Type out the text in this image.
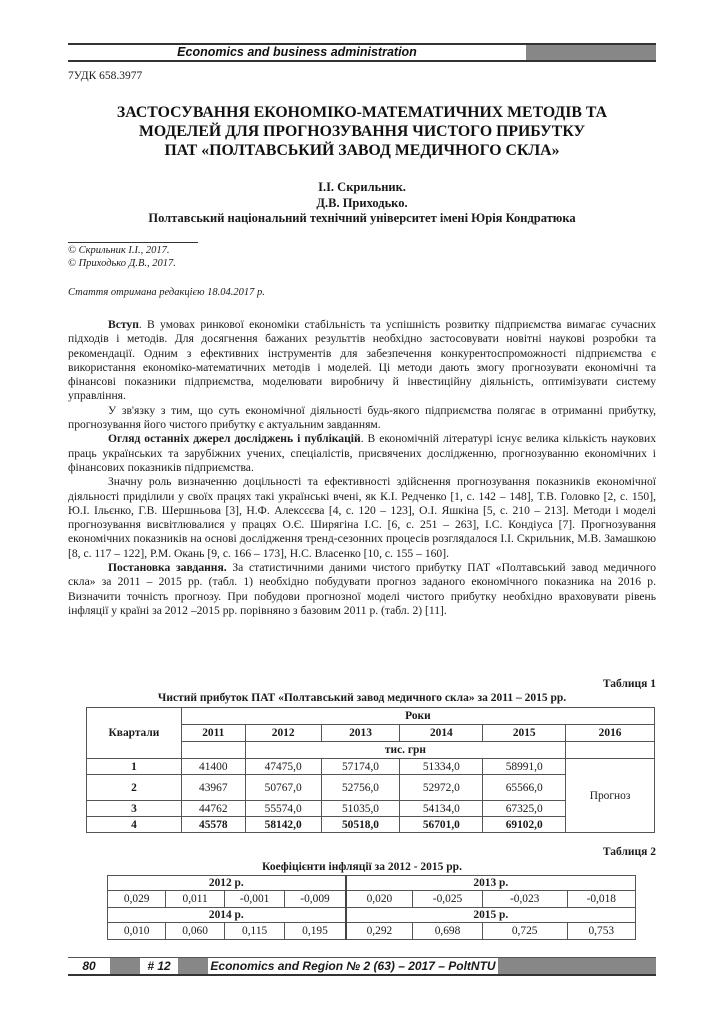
Economics and business administration
7УДК 658.3977
ЗАСТОСУВАННЯ ЕКОНОМІКО-МАТЕМАТИЧНИХ МЕТОДІВ ТА
МОДЕЛЕЙ ДЛЯ ПРОГНОЗУВАННЯ ЧИСТОГО ПРИБУТКУ
ПАТ «ПОЛТАВСЬКИЙ ЗАВОД МЕДИЧНОГО СКЛА»
І.І. Скрильник.
Д.В. Приходько.
Полтавський національний технічний університет імені Юрія Кондратюка
© Скрильник І.І., 2017.
© Приходько Д.В., 2017.
Стаття отримана редакцією 18.04.2017 р.

Вступ. В умовах ринкової економіки стабільність та успішність розвитку підприємства вимагає сучасних підходів і методів. Для досягнення бажаних результтів необхідно застосовувати новітні наукові розробки та рекомендації. Одним з ефективних інструментів для забезпечення конкурентоспроможності підприємства є використання економіко-математичних методів і моделей. Ці методи дають змогу прогнозувати економічні та фінансові показники підприємства, моделювати виробничу й інвестиційну діяльність, оптимізувати систему управління.

У зв'язку з тим, що суть економічної діяльності будь-якого підприємства полягає в отриманні прибутку, прогнозування його чистого прибутку є актуальним завданням.

Огляд останніх джерел досліджень і публікацій. В економічній літературі існує велика кількість наукових праць українських та зарубіжних учених, спеціалістів, присвячених дослідженню, прогнозуванню економічних і фінансових показників підприємства.

Значну роль визначенню доцільності та ефективності здійснення прогнозування показників економічної діяльності приділили у своїх працях такі українські вчені, як К.І. Редченко [1, с. 142 – 148], Т.В. Головко [2, с. 150], Ю.І. Ільєнко, Г.В. Шершньова [3], Н.Ф. Алексєєва [4, с. 120 – 123], О.І. Яшкіна [5, с. 210 – 213]. Методи і моделі прогнозування висвітлювалися у працях О.Є. Ширягіна І.С. [6, с. 251 – 263], І.С. Кондіуса [7]. Прогнозування економічних показників на основі дослідження тренд-сезонних процесів розглядалося І.І. Скрильник, М.В. Замашкою [8, с. 117 – 122], Р.М. Окань [9, с. 166 – 173], Н.С. Власенко [10, с. 155 – 160].

Постановка завдання. За статистичними даними чистого прибутку ПАТ «Полтавський завод медичного скла» за 2011 – 2015 рр. (табл. 1) необхідно побудувати прогноз заданого економічного показника на 2016 р. Визначити точність прогнозу. При побудови прогнозної моделі чистого прибутку необхідно враховувати рівень інфляції у країні за 2012 –2015 рр. порівняно з базовим 2011 р. (табл. 2) [11].

Таблиця 1
Чистий прибуток ПАТ «Полтавський завод медичного скла» за 2011 – 2015 рр.
Квартали	Роки					
	2011	2012	2013	2014	2015	2016
		тис. грн				
1	41400	47475,0	57174,0	51334,0	58991,0	Прогноз
2	43967	50767,0	52756,0	52972,0	65566,0	
3	44762	55574,0	51035,0	54134,0	67325,0	
4	45578	58142,0	50518,0	56701,0	69102,0	
Таблиця 2
Коефіцієнти інфляції за 2012 - 2015 рр.
2012 р.				2013 р.			
0,029	0,011	-0,001	-0,009	0,020	-0,025	-0,023	-0,018
2014 р.				2015 р.			
0,010	0,060	0,115	0,195	0,292	0,698	0,725	0,753
80	# 12	Economics and Region № 2 (63) – 2017 – PoltNTU
